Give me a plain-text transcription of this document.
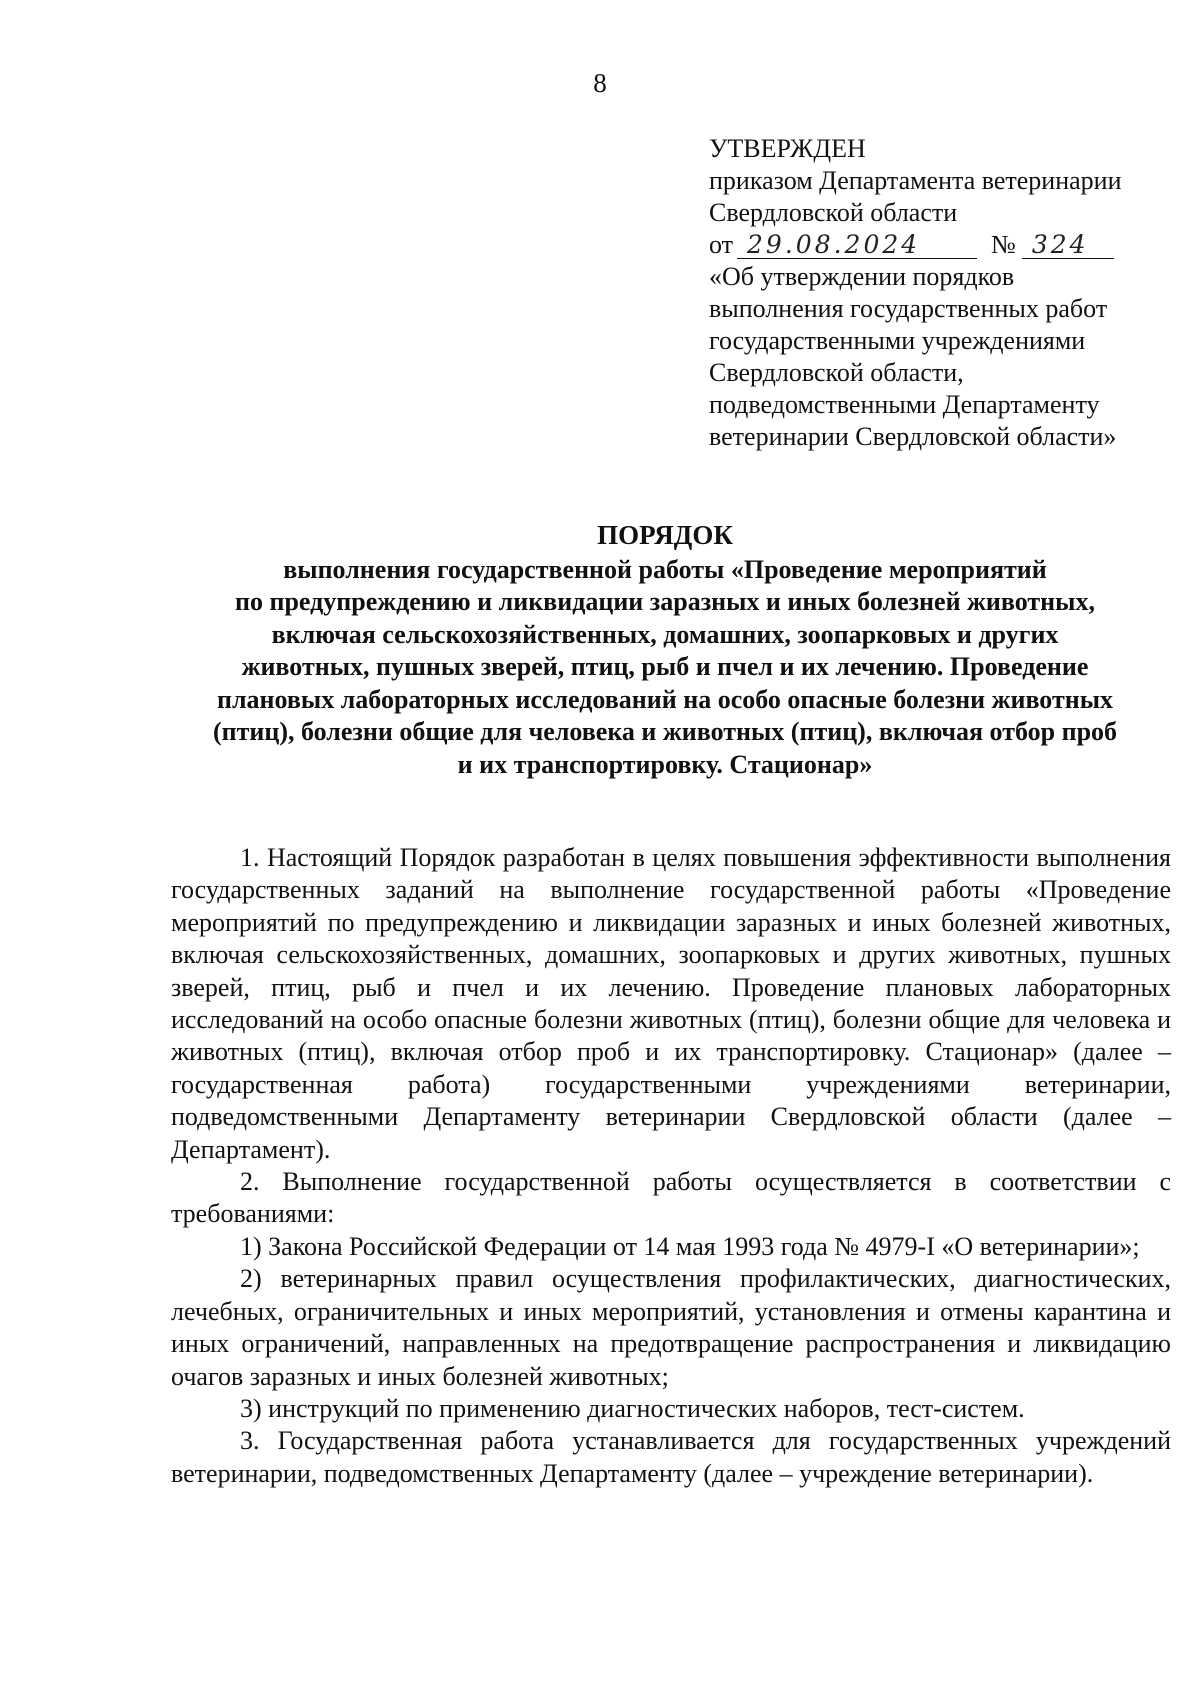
8
УТВЕРЖДЕН
приказом Департамента ветеринарии
Свердловской области
от 29.08.2024	№ 324
«Об утверждении порядков
выполнения государственных работ
государственными учреждениями
Свердловской области,
подведомственными Департаменту
ветеринарии Свердловской области»
ПОРЯДОК
выполнения государственной работы «Проведение мероприятий
по предупреждению и ликвидации заразных и иных болезней животных,
включая сельскохозяйственных, домашних, зоопарковых и других
животных, пушных зверей, птиц, рыб и пчел и их лечению. Проведение
плановых лабораторных исследований на особо опасные болезни животных
(птиц), болезни общие для человека и животных (птиц), включая отбор проб
и их транспортировку. Стационар»

1. Настоящий Порядок разработан в целях повышения эффективности выполнения государственных заданий на выполнение государственной работы «Проведение мероприятий по предупреждению и ликвидации заразных и иных болезней животных, включая сельскохозяйственных, домашних, зоопарковых и других животных, пушных зверей, птиц, рыб и пчел и их лечению. Проведение плановых лабораторных исследований на особо опасные болезни животных (птиц), болезни общие для человека и животных (птиц), включая отбор проб и их транспортировку. Стационар» (далее – государственная работа) государственными учреждениями ветеринарии, подведомственными Департаменту ветеринарии Свердловской области (далее – Департамент).

2. Выполнение государственной работы осуществляется в соответствии с требованиями:

1) Закона Российской Федерации от 14 мая 1993 года № 4979-I «О ветеринарии»;

2) ветеринарных правил осуществления профилактических, диагностических, лечебных, ограничительных и иных мероприятий, установления и отмены карантина и иных ограничений, направленных на предотвращение распространения и ликвидацию очагов заразных и иных болезней животных;

3) инструкций по применению диагностических наборов, тест-систем.

3. Государственная работа устанавливается для государственных учреждений ветеринарии, подведомственных Департаменту (далее – учреждение ветеринарии).
